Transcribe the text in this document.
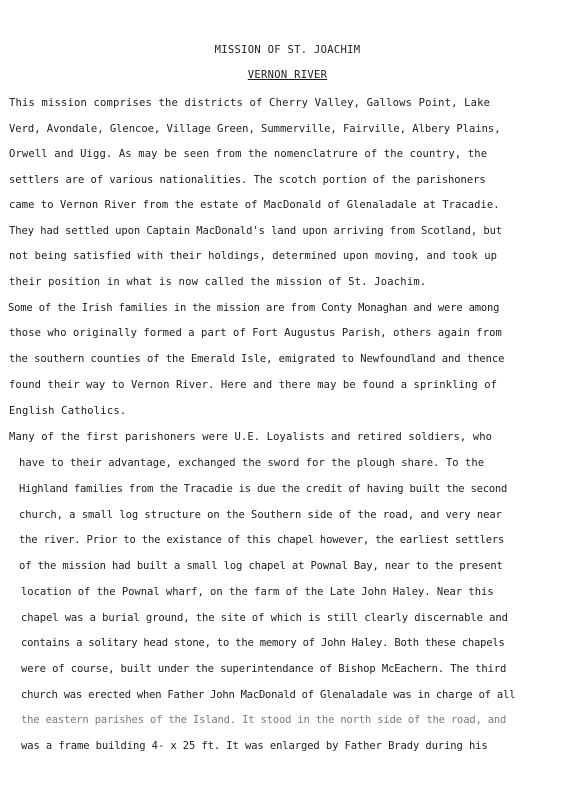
MISSION OF ST. JOACHIM
VERNON RIVER
This mission comprises the districts of Cherry Valley, Gallows Point, Lake
Verd, Avondale, Glencoe, Village Green, Summerville, Fairville, Albery Plains,
Orwell and Uigg. As may be seen from the nomenclatrure of the country, the
settlers are of various nationalities. The scotch portion of the parishoners
came to Vernon River from the estate of MacDonald of Glenaladale at Tracadie.
They had settled upon Captain MacDonald's land upon arriving from Scotland, but
not being satisfied with their holdings, determined upon moving, and took up
their position in what is now called the mission of St. Joachim.
Some of the Irish families in the mission are from Conty Monaghan and were among
those who originally formed a part of Fort Augustus Parish, others again from
the southern counties of the Emerald Isle, emigrated to Newfoundland and thence
found their way to Vernon River. Here and there may be found a sprinkling of
English Catholics.
Many of the first parishoners were U.E. Loyalists and retired soldiers, who
have to their advantage, exchanged the sword for the plough share. To the
Highland families from the Tracadie is due the credit of having built the second
church, a small log structure on the Southern side of the road, and very near
the river. Prior to the existance of this chapel however, the earliest settlers
of the mission had built a small log chapel at Pownal Bay, near to the present
location of the Pownal wharf, on the farm of the Late John Haley. Near this
chapel was a burial ground, the site of which is still clearly discernable and
contains a solitary head stone, to the memory of John Haley. Both these chapels
were of course, built under the superintendance of Bishop McEachern. The third
church was erected when Father John MacDonald of Glenaladale was in charge of all
the eastern parishes of the Island. It stood in the north side of the road, and
was a frame building 4- x 25 ft. It was enlarged by Father Brady during his
